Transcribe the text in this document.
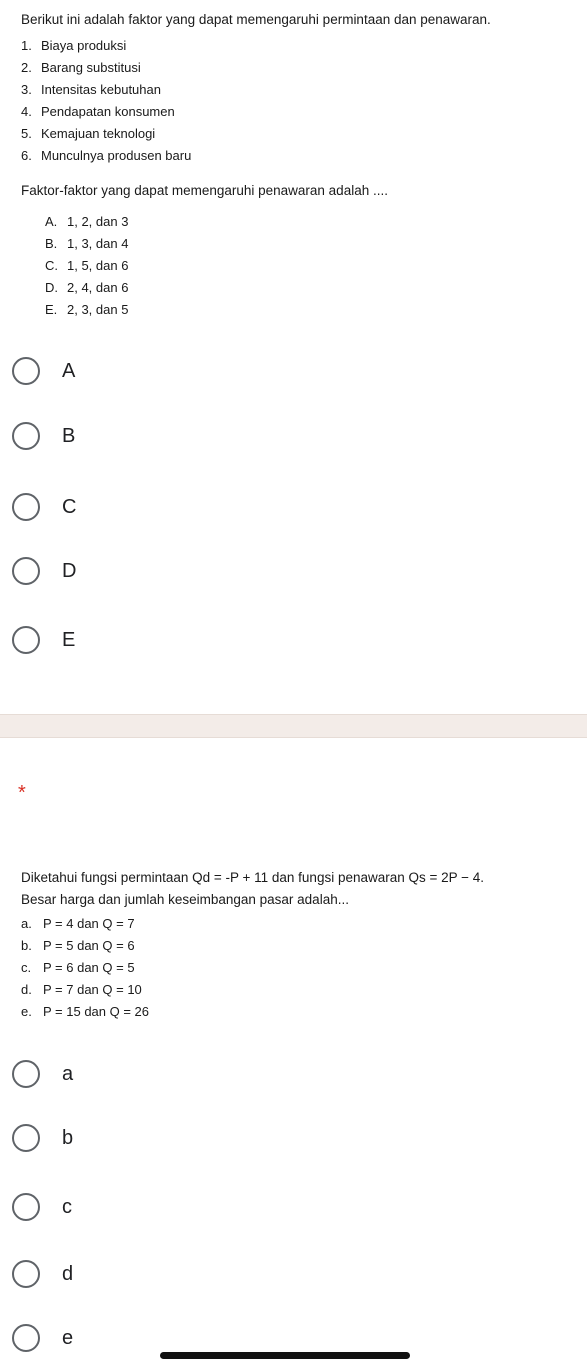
Berikut ini adalah faktor yang dapat memengaruhi permintaan dan penawaran.
1. Biaya produksi
2. Barang substitusi
3. Intensitas kebutuhan
4. Pendapatan konsumen
5. Kemajuan teknologi
6. Munculnya produsen baru
Faktor-faktor yang dapat memengaruhi penawaran adalah ....
A. 1, 2, dan 3
B. 1, 3, dan 4
C. 1, 5, dan 6
D. 2, 4, dan 6
E. 2, 3, dan 5
A
B
C
D
E
*
Diketahui fungsi permintaan Qd = -P + 11 dan fungsi penawaran Qs = 2P − 4.
Besar harga dan jumlah keseimbangan pasar adalah...
a. P = 4 dan Q = 7
b. P = 5 dan Q = 6
c. P = 6 dan Q = 5
d. P = 7 dan Q = 10
e. P = 15 dan Q = 26
a
b
c
d
e
